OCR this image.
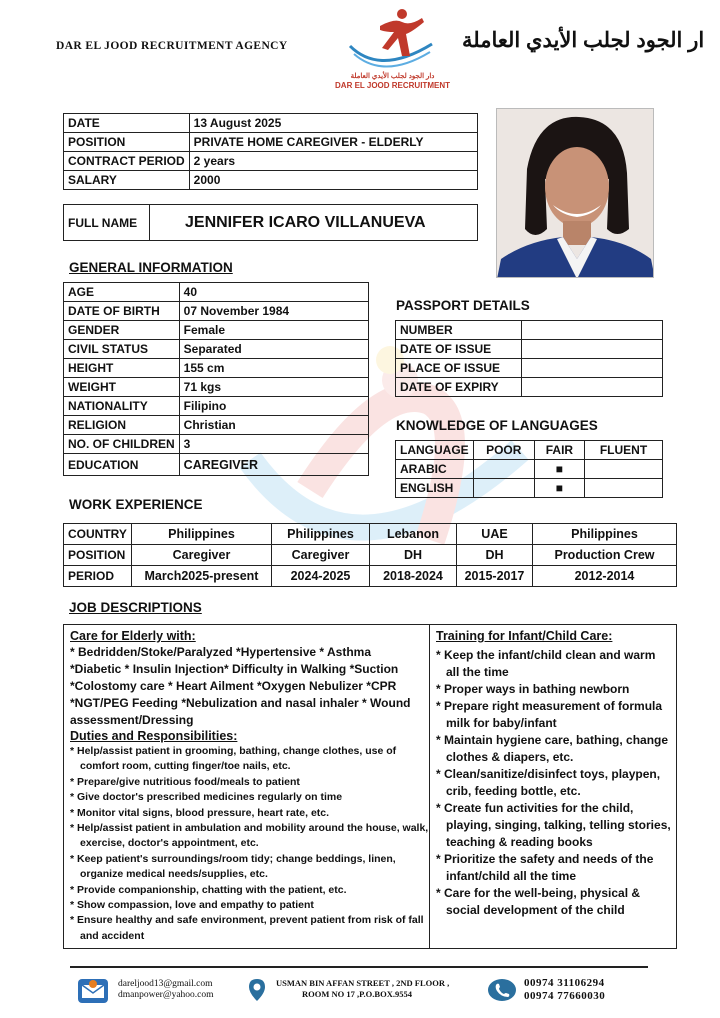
DAR EL JOOD RECRUITMENT AGENCY
دار الجود لجلب الأيدي العاملة
DAR EL JOOD RECRUITMENT
ار الجود لجلب الأيدي العاملة
DATE	13 August 2025
POSITION	PRIVATE HOME CAREGIVER - ELDERLY
CONTRACT PERIOD	2 years
SALARY	2000
FULL NAME	JENNIFER ICARO VILLANUEVA
GENERAL INFORMATION
AGE	40
DATE OF BIRTH	07 November 1984
GENDER	Female
CIVIL STATUS	Separated
HEIGHT	155 cm
WEIGHT	71 kgs
NATIONALITY	Filipino
RELIGION	Christian
NO. OF CHILDREN	3
EDUCATION	CAREGIVER
PASSPORT DETAILS
NUMBER	
DATE OF ISSUE	
PLACE OF ISSUE	
DATE OF EXPIRY	
KNOWLEDGE OF LANGUAGES
LANGUAGE	POOR	FAIR	FLUENT
ARABIC		■	
ENGLISH		■	
WORK EXPERIENCE
COUNTRY	Philippines	Philippines	Lebanon	UAE	Philippines
POSITION	Caregiver	Caregiver	DH	DH	Production Crew
PERIOD	March2025-present	2024-2025	2018-2024	2015-2017	2012-2014
JOB DESCRIPTIONS
Care for Elderly with:
* Bedridden/Stoke/Paralyzed *Hypertensive * Asthma
*Diabetic * Insulin Injection* Difficulty in Walking *Suction
*Colostomy care * Heart Ailment *Oxygen Nebulizer *CPR
*NGT/PEG Feeding *Nebulization and nasal inhaler * Wound
assessment/Dressing
Duties and Responsibilities:
* Help/assist patient in grooming, bathing, change clothes, use of comfort room, cutting finger/toe nails, etc.
* Prepare/give nutritious food/meals to patient
* Give doctor's prescribed medicines regularly on time
* Monitor vital signs, blood pressure, heart rate, etc.
* Help/assist patient in ambulation and mobility around the house, walk, exercise, doctor's appointment, etc.
* Keep patient's surroundings/room tidy; change beddings, linen, organize medical needs/supplies, etc.
* Provide companionship, chatting with the patient, etc.
* Show compassion, love and empathy to patient
* Ensure healthy and safe environment, prevent patient from risk of fall and accident
Training for Infant/Child Care:
* Keep the infant/child clean and warm all the time
* Proper ways in bathing newborn
* Prepare right measurement of formula milk for baby/infant
* Maintain hygiene care, bathing, change clothes & diapers, etc.
* Clean/sanitize/disinfect toys, playpen, crib, feeding bottle, etc.
* Create fun activities for the child, playing, singing, talking, telling stories, teaching & reading books
* Prioritize the safety and needs of the infant/child all the time
* Care for the well-being, physical & social development of the child
dareljood13@gmail.com
dmanpower@yahoo.com
USMAN BIN AFFAN STREET , 2ND FLOOR ,
ROOM NO 17 ,P.O.BOX.9554
00974 31106294
00974 77660030
